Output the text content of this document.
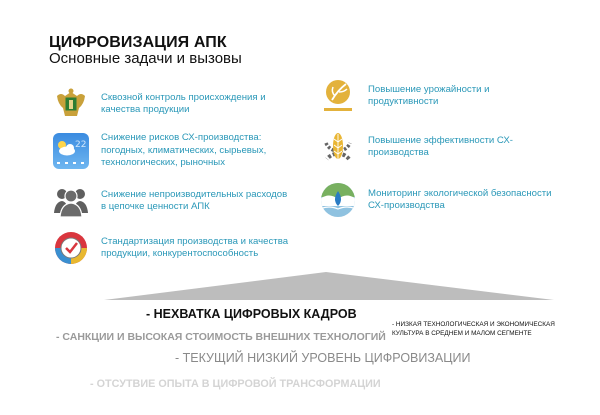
ЦИФРОВИЗАЦИЯ АПК
Основные задачи и вызовы
Сквозной контроль происхождения и качества продукции
22
Снижение рисков СХ-производства: погодных, климатических, сырьевых, технологических, рыночных
Снижение непроизводительных расходов в цепочке ценности АПК
Стандартизация производства и качества продукции, конкурентоспособность
Повышение урожайности и продуктивности
Повышение эффективности СХ-производства
Мониторинг экологической безопасности СХ-производства
- НЕХВАТКА ЦИФРОВЫХ КАДРОВ
- САНКЦИИ И ВЫСОКАЯ СТОИМОСТЬ ВНЕШНИХ ТЕХНОЛОГИЙ
- НИЗКАЯ ТЕХНОЛОГИЧЕСКАЯ И ЭКОНОМИЧЕСКАЯ КУЛЬТУРА В СРЕДНЕМ И МАЛОМ СЕГМЕНТЕ
- ТЕКУЩИЙ НИЗКИЙ УРОВЕНЬ ЦИФРОВИЗАЦИИ
- ОТСУТВИЕ ОПЫТА В ЦИФРОВОЙ ТРАНСФОРМАЦИИ
